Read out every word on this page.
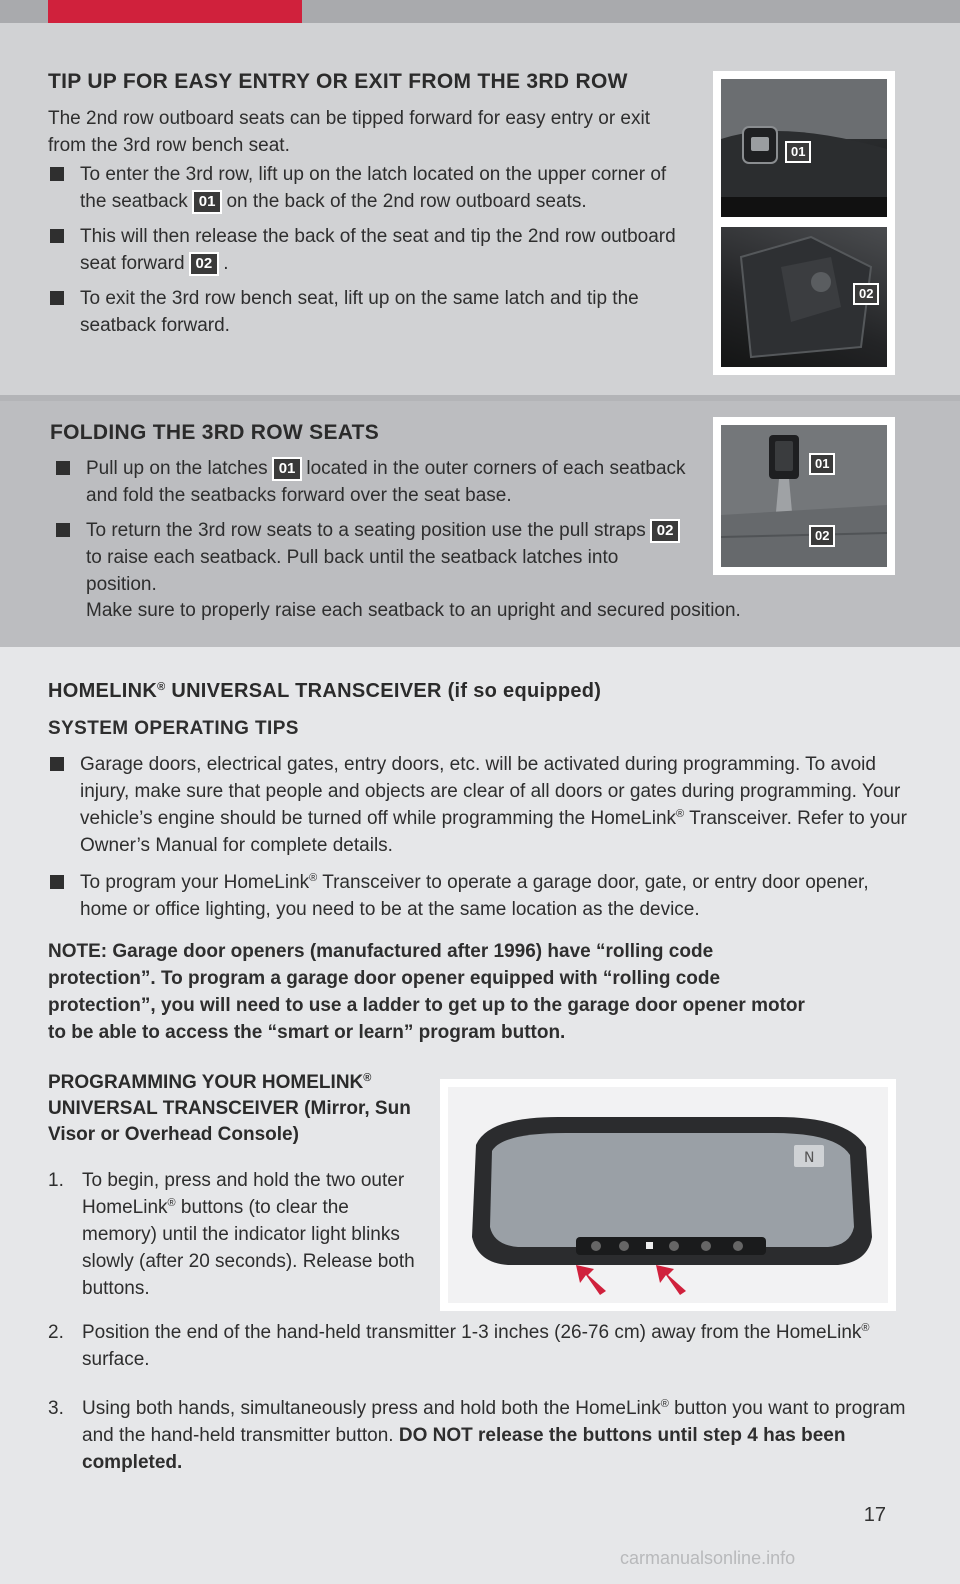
TIP UP FOR EASY ENTRY OR EXIT FROM THE 3RD ROW

The 2nd row outboard seats can be tipped forward for easy entry or exit from the 3rd row bench seat.

To enter the 3rd row, lift up on the latch located on the upper corner of the seatback 01 on the back of the 2nd row outboard seats.
This will then release the back of the seat and tip the 2nd row outboard seat forward 02 .
To exit the 3rd row bench seat, lift up on the same latch and tip the seatback forward.
01
02
FOLDING THE 3RD ROW SEATS
Pull up on the latches 01 located in the outer corners of each seatback and fold the seatbacks forward over the seat base.
To return the 3rd row seats to a seating position use the pull straps 02to raise each seatback. Pull back until the seatback latches into position.

Make sure to properly raise each seatback to an upright and secured position.

01
02
HOMELINK® UNIVERSAL TRANSCEIVER (if so equipped)

SYSTEM OPERATING TIPS

Garage doors, electrical gates, entry doors, etc. will be activated during programming. To avoid injury, make sure that people and objects are clear of all doors or gates during programming. Your vehicle’s engine should be turned off while programming the HomeLink® Transceiver. Refer to your Owner’s Manual for complete details.
To program your HomeLink® Transceiver to operate a garage door, gate, or entry door opener, home or office lighting, you need to be at the same location as the device.

NOTE: Garage door openers (manufactured after 1996) have “rolling code protection”. To program a garage door opener equipped with “rolling code protection”, you will need to use a ladder to get up to the garage door opener motor to be able to access the “smart or learn” program button.

PROGRAMMING YOUR HOMELINK®
UNIVERSAL TRANSCEIVER (Mirror, Sun Visor or Overhead Console)
N
1. To begin, press and hold the two outer HomeLink® buttons (to clear the memory) until the indicator light blinks slowly (after 20 seconds). Release both buttons.
2. Position the end of the hand-held transmitter 1-3 inches (26-76 cm) away from the HomeLink® surface.
3. Using both hands, simultaneously press and hold both the HomeLink® button you want to program and the hand-held transmitter button. DO NOT release the buttons until step 4 has been completed.
17
carmanualsonline.info
